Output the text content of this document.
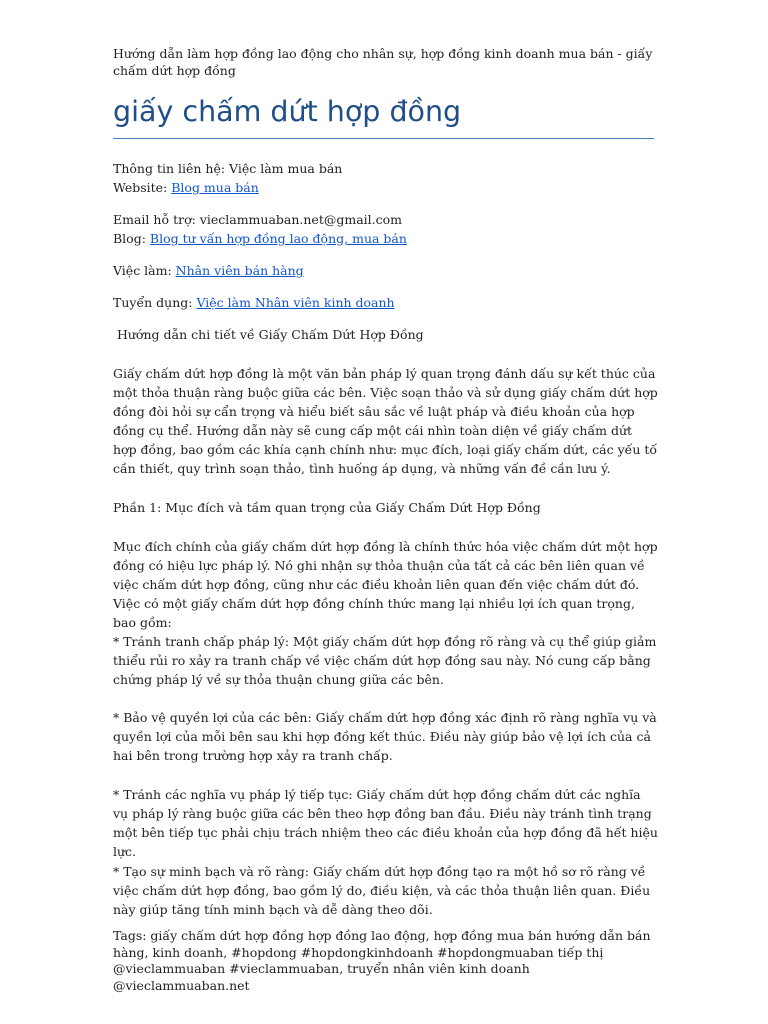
Hướng dẫn làm hợp đồng lao động cho nhân sự, hợp đồng kinh doanh mua bán - giấy chấm dứt hợp đồng

giấy chấm dứt hợp đồng

Thông tin liên hệ: Việc làm mua bán

Website: Blog mua bán

Email hỗ trợ: vieclammuaban.net@gmail.com

Blog: Blog tư vấn hợp đồng lao động, mua bán

Việc làm: Nhân viên bán hàng

Tuyển dụng: Việc làm Nhân viên kinh doanh

Hướng dẫn chi tiết về Giấy Chấm Dứt Hợp Đồng

Giấy chấm dứt hợp đồng là một văn bản pháp lý quan trọng đánh dấu sự kết thúc của một thỏa thuận ràng buộc giữa các bên. Việc soạn thảo và sử dụng giấy chấm dứt hợp đồng đòi hỏi sự cẩn trọng và hiểu biết sâu sắc về luật pháp và điều khoản của hợp đồng cụ thể. Hướng dẫn này sẽ cung cấp một cái nhìn toàn diện về giấy chấm dứt hợp đồng, bao gồm các khía cạnh chính như: mục đích, loại giấy chấm dứt, các yếu tố cần thiết, quy trình soạn thảo, tình huống áp dụng, và những vấn đề cần lưu ý.

Phần 1: Mục đích và tầm quan trọng của Giấy Chấm Dứt Hợp Đồng

Mục đích chính của giấy chấm dứt hợp đồng là chính thức hóa việc chấm dứt một hợp đồng có hiệu lực pháp lý. Nó ghi nhận sự thỏa thuận của tất cả các bên liên quan về việc chấm dứt hợp đồng, cũng như các điều khoản liên quan đến việc chấm dứt đó. Việc có một giấy chấm dứt hợp đồng chính thức mang lại nhiều lợi ích quan trọng, bao gồm:

* Tránh tranh chấp pháp lý: Một giấy chấm dứt hợp đồng rõ ràng và cụ thể giúp giảm thiểu rủi ro xảy ra tranh chấp về việc chấm dứt hợp đồng sau này. Nó cung cấp bằng chứng pháp lý về sự thỏa thuận chung giữa các bên.

* Bảo vệ quyền lợi của các bên: Giấy chấm dứt hợp đồng xác định rõ ràng nghĩa vụ và quyền lợi của mỗi bên sau khi hợp đồng kết thúc. Điều này giúp bảo vệ lợi ích của cả hai bên trong trường hợp xảy ra tranh chấp.

* Tránh các nghĩa vụ pháp lý tiếp tục: Giấy chấm dứt hợp đồng chấm dứt các nghĩa vụ pháp lý ràng buộc giữa các bên theo hợp đồng ban đầu. Điều này tránh tình trạng một bên tiếp tục phải chịu trách nhiệm theo các điều khoản của hợp đồng đã hết hiệu lực.

* Tạo sự minh bạch và rõ ràng: Giấy chấm dứt hợp đồng tạo ra một hồ sơ rõ ràng về việc chấm dứt hợp đồng, bao gồm lý do, điều kiện, và các thỏa thuận liên quan. Điều này giúp tăng tính minh bạch và dễ dàng theo dõi.

Tags: giấy chấm dứt hợp đồng hợp đồng lao động, hợp đồng mua bán hướng dẫn bán hàng, kinh doanh, #hopdong #hopdongkinhdoanh #hopdongmuaban tiếp thị @vieclammuaban #vieclammuaban, truyển nhân viên kinh doanh @vieclammuaban.net
